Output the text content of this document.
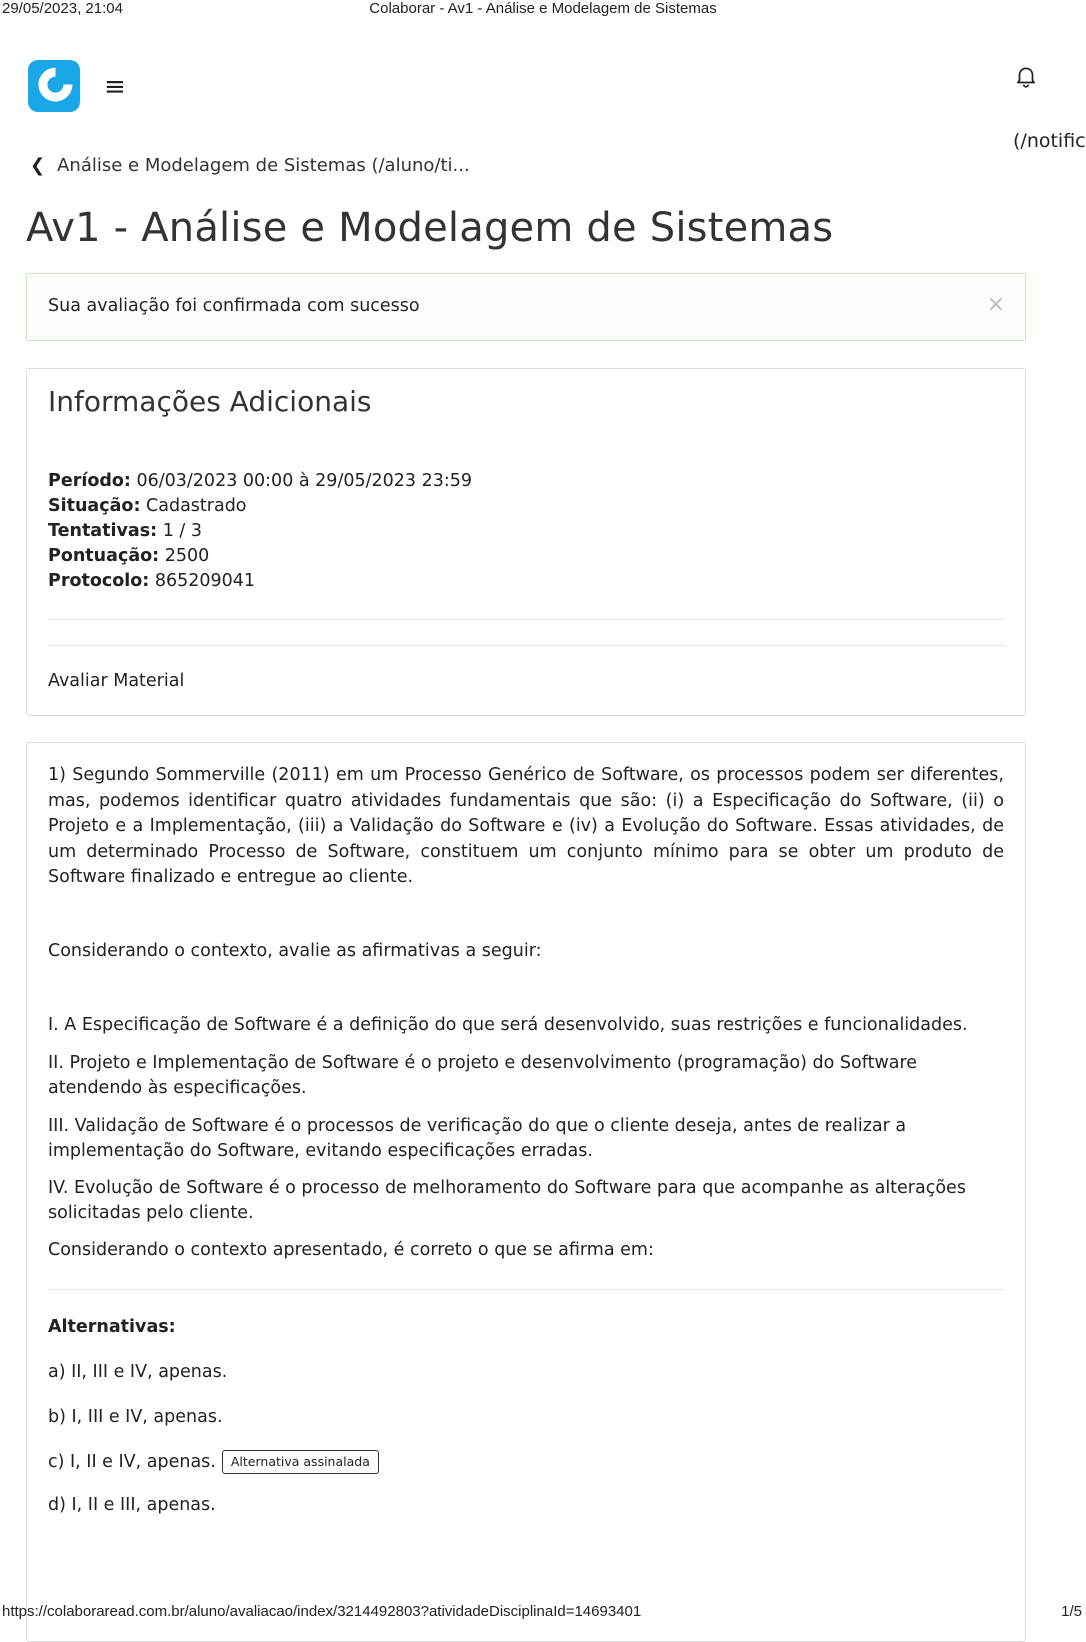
29/05/2023, 21:04	Colaborar - Av1 - Análise e Modelagem de Sistemas
≡
(/notific
❮ Análise e Modelagem de Sistemas (/aluno/ti...
Av1 - Análise e Modelagem de Sistemas
Sua avaliação foi confirmada com sucesso	×
Informações Adicionais
Período: 06/03/2023 00:00 à 29/05/2023 23:59
Situação: Cadastrado
Tentativas: 1 / 3
Pontuação: 2500
Protocolo: 865209041
Avaliar Material

1) Segundo Sommerville (2011) em um Processo Genérico de Software, os processos podem ser diferentes, mas, podemos identificar quatro atividades fundamentais que são: (i) a Especificação do Software, (ii) o Projeto e a Implementação, (iii) a Validação do Software e (iv) a Evolução do Software. Essas atividades, de um determinado Processo de Software, constituem um conjunto mínimo para se obter um produto de Software finalizado e entregue ao cliente.

Considerando o contexto, avalie as afirmativas a seguir:

I. A Especificação de Software é a definição do que será desenvolvido, suas restrições e funcionalidades.

II. Projeto e Implementação de Software é o projeto e desenvolvimento (programação) do Software atendendo às especificações.

III. Validação de Software é o processos de verificação do que o cliente deseja, antes de realizar a implementação do Software, evitando especificações erradas.

IV. Evolução de Software é o processo de melhoramento do Software para que acompanhe as alterações solicitadas pelo cliente.

Considerando o contexto apresentado, é correto o que se afirma em:

Alternativas:
a) II, III e IV, apenas.
b) I, III e IV, apenas.
c) I, II e IV, apenas.	Alternativa assinalada
d) I, II e III, apenas.
https://colaboraread.com.br/aluno/avaliacao/index/3214492803?atividadeDisciplinaId=14693401	1/5
